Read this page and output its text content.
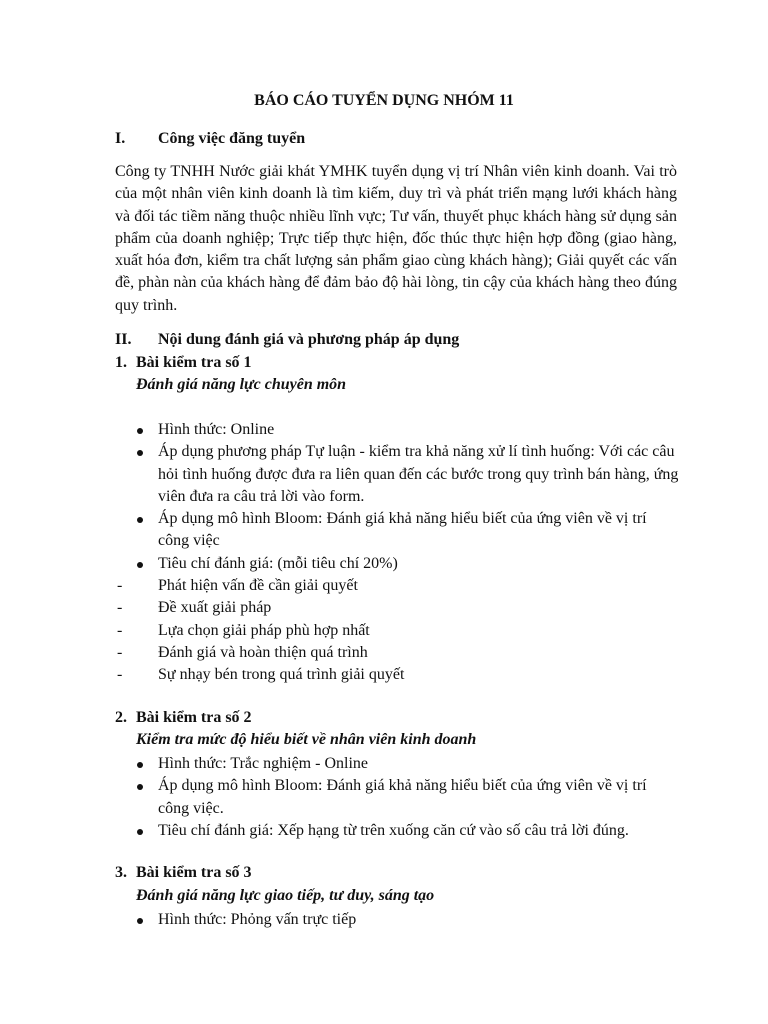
BÁO CÁO TUYỂN DỤNG NHÓM 11
I. Công việc đăng tuyển
Công ty TNHH Nước giải khát YMHK tuyển dụng vị trí Nhân viên kinh doanh. Vai trò của một nhân viên kinh doanh là tìm kiếm, duy trì và phát triển mạng lưới khách hàng và đối tác tiềm năng thuộc nhiều lĩnh vực; Tư vấn, thuyết phục khách hàng sử dụng sản phẩm của doanh nghiệp; Trực tiếp thực hiện, đốc thúc thực hiện hợp đồng (giao hàng, xuất hóa đơn, kiểm tra chất lượng sản phẩm giao cùng khách hàng); Giải quyết các vấn đề, phàn nàn của khách hàng để đảm bảo độ hài lòng, tin cậy của khách hàng theo đúng quy trình.
II. Nội dung đánh giá và phương pháp áp dụng
1. Bài kiểm tra số 1
Đánh giá năng lực chuyên môn
Hình thức: Online
Áp dụng phương pháp Tự luận - kiểm tra khả năng xử lí tình huống: Với các câu hỏi tình huống được đưa ra liên quan đến các bước trong quy trình bán hàng, ứng viên đưa ra câu trả lời vào form.
Áp dụng mô hình Bloom: Đánh giá khả năng hiểu biết của ứng viên về vị trí công việc
Tiêu chí đánh giá: (mỗi tiêu chí 20%)
- Phát hiện vấn đề cần giải quyết
- Đề xuất giải pháp
- Lựa chọn giải pháp phù hợp nhất
- Đánh giá và hoàn thiện quá trình
- Sự nhạy bén trong quá trình giải quyết
2. Bài kiểm tra số 2
Kiểm tra mức độ hiểu biết về nhân viên kinh doanh
Hình thức: Trắc nghiệm - Online
Áp dụng mô hình Bloom: Đánh giá khả năng hiểu biết của ứng viên về vị trí công việc.
Tiêu chí đánh giá: Xếp hạng từ trên xuống căn cứ vào số câu trả lời đúng.
3. Bài kiểm tra số 3
Đánh giá năng lực giao tiếp, tư duy, sáng tạo
Hình thức: Phỏng vấn trực tiếp
